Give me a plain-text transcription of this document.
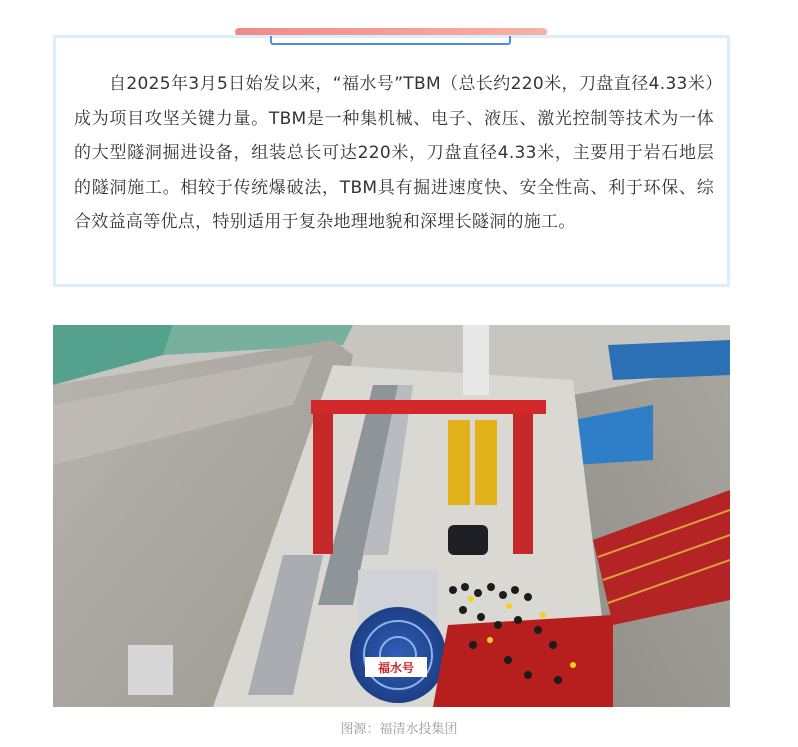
自2025年3月5日始发以来，“福水号”TBM（总长约220米，刀盘直径4.33米）成为项目攻坚关键力量。TBM是一种集机械、电子、液压、激光控制等技术为一体的大型隧洞掘进设备，组装总长可达220米，刀盘直径4.33米，主要用于岩石地层的隧洞施工。相较于传统爆破法，TBM具有掘进速度快、安全性高、利于环保、综合效益高等优点，特别适用于复杂地理地貌和深埋长隧洞的施工。

福水号
图源：福清水投集团
